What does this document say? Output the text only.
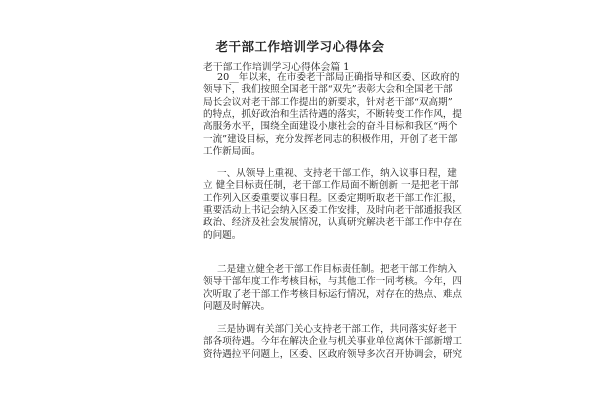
老干部工作培训学习心得体会
老干部工作培训学习心得体会篇 1
20__年以来，在市委老干部局正确指导和区委、区政府的
领导下，我们按照全国老干部“双先”表彰大会和全国老干部
局长会议对老干部工作提出的新要求，针对老干部“双高期”
的特点，抓好政治和生活待遇的落实，不断转变工作作风，提
高服务水平，围绕全面建设小康社会的奋斗目标和我区“两个
一流”建设目标，充分发挥老同志的积极作用，开创了老干部
工作新局面。
一、从领导上重视、支持老干部工作，纳入议事日程，建
立 健全目标责任制，老干部工作局面不断创新 一是把老干部
工作列入区委重要议事日程。区委定期听取老干部工作汇报，
重要活动上书记会纳入区委工作安排，及时向老干部通报我区
政治、经济及社会发展情况，认真研究解决老干部工作中存在
的问题。
二是建立健全老干部工作目标责任制。把老干部工作纳入
领导干部年度工作考核目标，与其他工作一同考核。今年，四
次听取了老干部工作考核目标运行情况，对存在的热点、难点
问题及时解决。
三是协调有关部门关心支持老干部工作，共同落实好老干
部各项待遇。今年在解决企业与机关事业单位离休干部新增工
资待遇拉平问题上，区委、区政府领导多次召开协调会，研究
